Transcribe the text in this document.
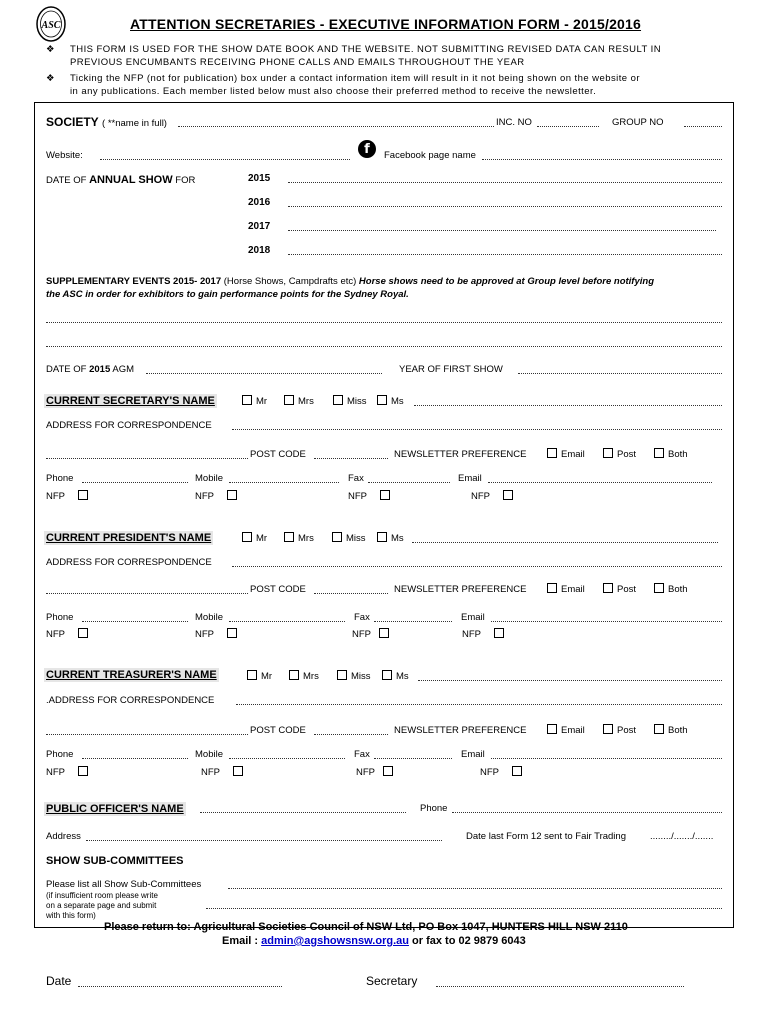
ASC	ATTENTION SECRETARIES - EXECUTIVE INFORMATION FORM - 2015/2016
❖ THIS FORM IS USED FOR THE SHOW DATE BOOK AND THE WEBSITE. NOT SUBMITTING REVISED DATA CAN RESULT IN
PREVIOUS ENCUMBANTS RECEIVING PHONE CALLS AND EMAILS THROUGHOUT THE YEAR
❖ Ticking the NFP (not for publication) box under a contact information item will result in it not being shown on the website or
in any publications. Each member listed below must also choose their preferred method to receive the newsletter.
SOCIETY ( **name in full)	INC. NO	GROUP NO
Website:	f	Facebook page name
DATE OF ANNUAL SHOW FOR	2015
2016
2017
2018
SUPPLEMENTARY EVENTS 2015- 2017 (Horse Shows, Campdrafts etc) Horse shows need to be approved at Group level before notifying
the ASC in order for exhibitors to gain performance points for the Sydney Royal.
DATE OF 2015 AGM	YEAR OF FIRST SHOW
CURRENT SECRETARY'S NAME	Mr	Mrs	Miss	Ms
ADDRESS FOR CORRESPONDENCE
POST CODE	NEWSLETTER PREFERENCE	Email	Post	Both
Phone	Mobile	Fax	Email
NFP	NFP	NFP	NFP
CURRENT PRESIDENT'S NAME	Mr	Mrs	Miss	Ms
ADDRESS FOR CORRESPONDENCE
POST CODE	NEWSLETTER PREFERENCE	Email	Post	Both
Phone	Mobile	Fax	Email
NFP	NFP	NFP	NFP
CURRENT TREASURER'S NAME	Mr	Mrs	Miss	Ms
.ADDRESS FOR CORRESPONDENCE
POST CODE	NEWSLETTER PREFERENCE	Email	Post	Both
Phone	Mobile	Fax	Email
NFP	NFP	NFP	NFP
PUBLIC OFFICER'S NAME	Phone
Address	Date last Form 12 sent to Fair Trading	......../......./.......
SHOW SUB-COMMITTEES
Please list all Show Sub-Committees
(if insufficient room please write
on a separate page and submit
with this form)
Please return to: Agricultural Societies Council of NSW Ltd, PO Box 1047, HUNTERS HILL NSW 2110
Email : admin@agshowsnsw.org.au or fax to 02 9879 6043
Date	Secretary
